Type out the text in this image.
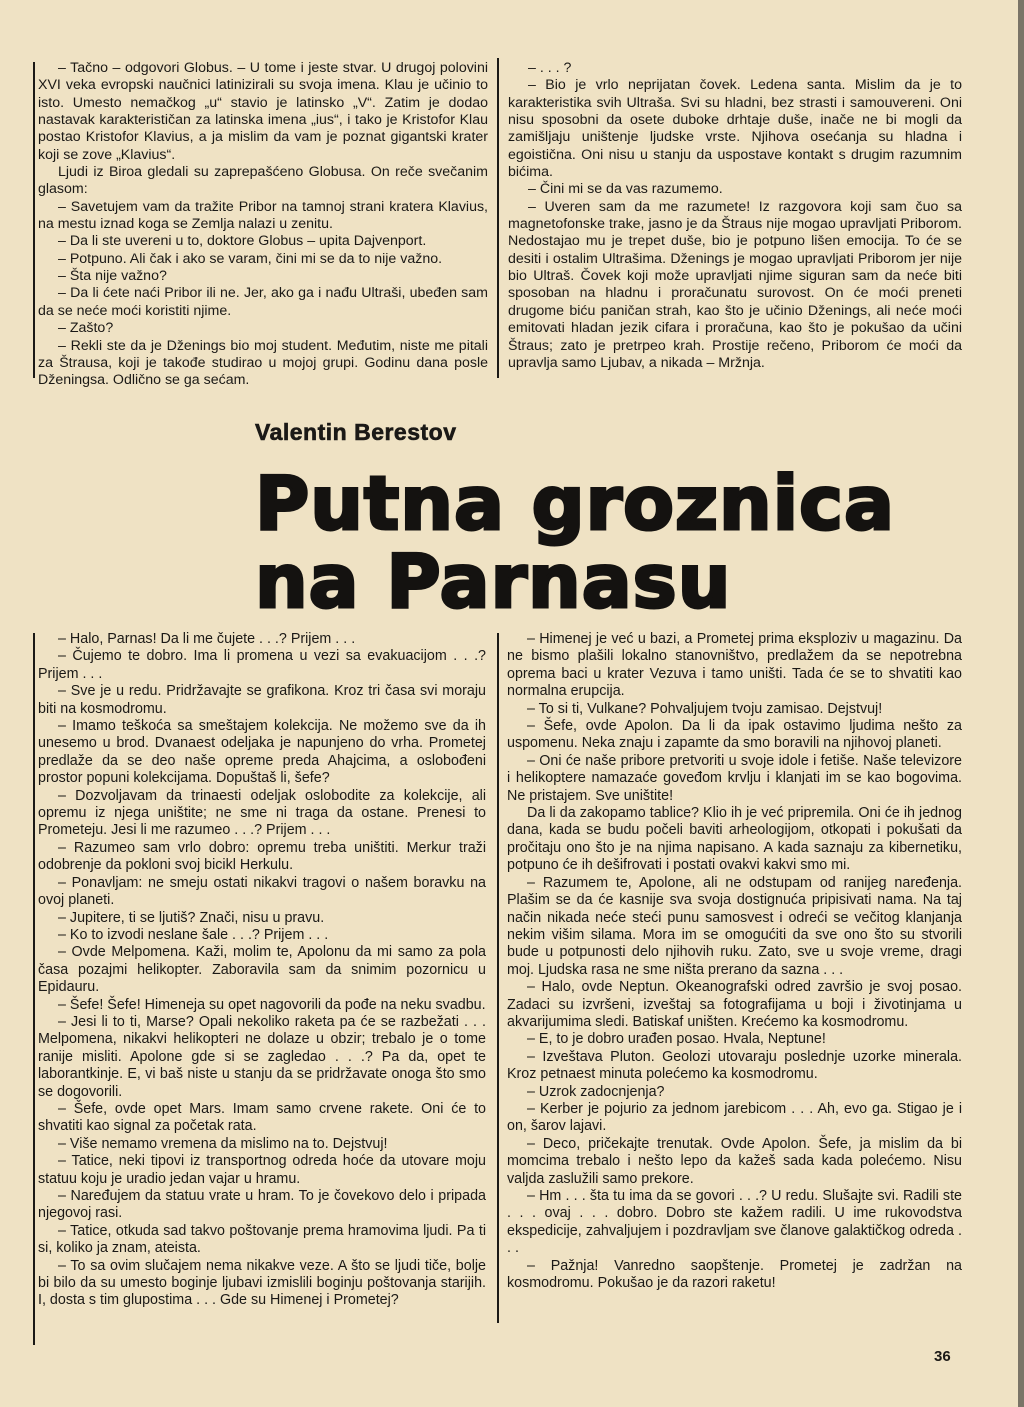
– Tačno – odgovori Globus. – U tome i jeste stvar. U drugoj polovini XVI veka evropski naučnici latinizirali su svoja imena. Klau je učinio to isto. Umesto nemačkog „u“ stavio je latinsko „V“. Zatim je dodao nastavak karakterističan za latinska imena „ius“, i tako je Kristofor Klau postao Kristofor Klavius, a ja mislim da vam je poznat gigantski krater koji se zove „Klavius“.

Ljudi iz Biroa gledali su zaprepašćeno Globusa. On reče svečanim glasom:

– Savetujem vam da tražite Pribor na tamnoj strani kratera Klavius, na mestu iznad koga se Zemlja nalazi u zenitu.

– Da li ste uvereni u to, doktore Globus – upita Dajvenport.

– Potpuno. Ali čak i ako se varam, čini mi se da to nije važno.

– Šta nije važno?

– Da li ćete naći Pribor ili ne. Jer, ako ga i nađu Ultraši, ubeđen sam da se neće moći koristiti njime.

– Zašto?

– Rekli ste da je Dženings bio moj student. Međutim, niste me pitali za Štrausa, koji je takođe studirao u mojoj grupi. Godinu dana posle Dženingsa. Odlično se ga sećam.

– . . . ?

– Bio je vrlo neprijatan čovek. Ledena santa. Mislim da je to karakteristika svih Ultraša. Svi su hladni, bez strasti i samouvereni. Oni nisu sposobni da osete duboke drhtaje duše, inače ne bi mogli da zamišljaju uništenje ljudske vrste. Njihova osećanja su hladna i egoistična. Oni nisu u stanju da uspostave kontakt s drugim razumnim bićima.

– Čini mi se da vas razumemo.

– Uveren sam da me razumete! Iz razgovora koji sam čuo sa magnetofonske trake, jasno je da Štraus nije mogao upravljati Priborom. Nedostajao mu je trepet duše, bio je potpuno lišen emocija. To će se desiti i ostalim Ultrašima. Dženings je mogao upravljati Priborom jer nije bio Ultraš. Čovek koji može upravljati njime siguran sam da neće biti sposoban na hladnu i proračunatu surovost. On će moći preneti drugome biću paničan strah, kao što je učinio Dženings, ali neće moći emitovati hladan jezik cifara i proračuna, kao što je pokušao da učini Štraus; zato je pretrpeo krah. Prostije rečeno, Priborom će moći da upravlja samo Ljubav, a nikada – Mržnja.

Valentin Berestov
Putna groznica
na Parnasu

– Halo, Parnas! Da li me čujete . . .? Prijem . . .

– Čujemo te dobro. Ima li promena u vezi sa evakuacijom . . .? Prijem . . .

– Sve je u redu. Pridržavajte se grafikona. Kroz tri časa svi moraju biti na kosmodromu.

– Imamo teškoća sa smeštajem kolekcija. Ne možemo sve da ih unesemo u brod. Dvanaest odeljaka je napunjeno do vrha. Prometej predlaže da se deo naše opreme preda Ahajcima, a oslobođeni prostor popuni kolekcijama. Dopuštaš li, šefe?

– Dozvoljavam da trinaesti odeljak oslobodite za kolekcije, ali opremu iz njega uništite; ne sme ni traga da ostane. Prenesi to Prometeju. Jesi li me razumeo . . .? Prijem . . .

– Razumeo sam vrlo dobro: opremu treba uništiti. Merkur traži odobrenje da pokloni svoj bicikl Herkulu.

– Ponavljam: ne smeju ostati nikakvi tragovi o našem boravku na ovoj planeti.

– Jupitere, ti se ljutiš? Znači, nisu u pravu.

– Ko to izvodi neslane šale . . .? Prijem . . .

– Ovde Melpomena. Kaži, molim te, Apolonu da mi samo za pola časa pozajmi helikopter. Zaboravila sam da snimim pozornicu u Epidauru.

– Šefe! Šefe! Himeneja su opet nagovorili da pođe na neku svadbu.

– Jesi li to ti, Marse? Opali nekoliko raketa pa će se razbežati . . . Melpomena, nikakvi helikopteri ne dolaze u obzir; trebalo je o tome ranije misliti. Apolone gde si se zagledao . . .? Pa da, opet te laborantkinje. E, vi baš niste u stanju da se pridržavate onoga što smo se dogovorili.

– Šefe, ovde opet Mars. Imam samo crvene rakete. Oni će to shvatiti kao signal za početak rata.

– Više nemamo vremena da mislimo na to. Dejstvuj!

– Tatice, neki tipovi iz transportnog odreda hoće da utovare moju statuu koju je uradio jedan vajar u hramu.

– Naređujem da statuu vrate u hram. To je čovekovo delo i pripada njegovoj rasi.

– Tatice, otkuda sad takvo poštovanje prema hramovima ljudi. Pa ti si, koliko ja znam, ateista.

– To sa ovim slučajem nema nikakve veze. A što se ljudi tiče, bolje bi bilo da su umesto boginje ljubavi izmislili boginju poštovanja starijih. I, dosta s tim glupostima . . . Gde su Himenej i Prometej?

– Himenej je već u bazi, a Prometej prima eksploziv u magazinu. Da ne bismo plašili lokalno stanovništvo, predlažem da se nepotrebna oprema baci u krater Vezuva i tamo uništi. Tada će se to shvatiti kao normalna erupcija.

– To si ti, Vulkane? Pohvaljujem tvoju zamisao. Dejstvuj!

– Šefe, ovde Apolon. Da li da ipak ostavimo ljudima nešto za uspomenu. Neka znaju i zapamte da smo boravili na njihovoj planeti.

– Oni će naše pribore pretvoriti u svoje idole i fetiše. Naše televizore i helikoptere namazaće govеđom krvlju i klanjati im se kao bogovima. Ne pristajem. Sve uništite!

Da li da zakopamo tablice? Klio ih je već pripremila. Oni će ih jednog dana, kada se budu počeli baviti arheologijom, otkopati i pokušati da pročitaju ono što je na njima napisano. A kada saznaju za kibernetiku, potpuno će ih dešifrovati i postati ovakvi kakvi smo mi.

– Razumem te, Apolone, ali ne odstupam od ranijeg naređenja. Plašim se da će kasnije sva svoja dostignuća pripisivati nama. Na taj način nikada neće steći punu samosvest i odreći se večitog klanjanja nekim višim silama. Mora im se omogućiti da sve ono što su stvorili bude u potpunosti delo njihovih ruku. Zato, sve u svoje vreme, dragi moj. Ljudska rasa ne sme ništa prerano da sazna . . .

– Halo, ovde Neptun. Okeanografski odred završio je svoj posao. Zadaci su izvršeni, izveštaj sa fotografijama u boji i životinjama u akvarijumima sledi. Batiskaf uništen. Krećemo ka kosmodromu.

– E, to je dobro urađen posao. Hvala, Neptune!

– Izveštava Pluton. Geolozi utovaraju poslednje uzorke minerala. Kroz petnaest minuta polećemo ka kosmodromu.

– Uzrok zadocnjenja?

– Kerber je pojurio za jednom jarebicom . . . Ah, evo ga. Stigao je i on, šarov lajavi.

– Deco, pričekajte trenutak. Ovde Apolon. Šefe, ja mislim da bi momcima trebalo i nešto lepo da kažeš sada kada polećemo. Nisu valjda zaslužili samo prekore.

– Hm . . . šta tu ima da se govori . . .? U redu. Slušajte svi. Radili ste . . . ovaj . . . dobro. Dobro ste kažem radili. U ime rukovodstva ekspedicije, zahvaljujem i pozdravljam sve članove galaktičkog odreda . . .

– Pažnja! Vanredno saopštenje. Prometej je zadržan na kosmodromu. Pokušao je da razori raketu!

36
